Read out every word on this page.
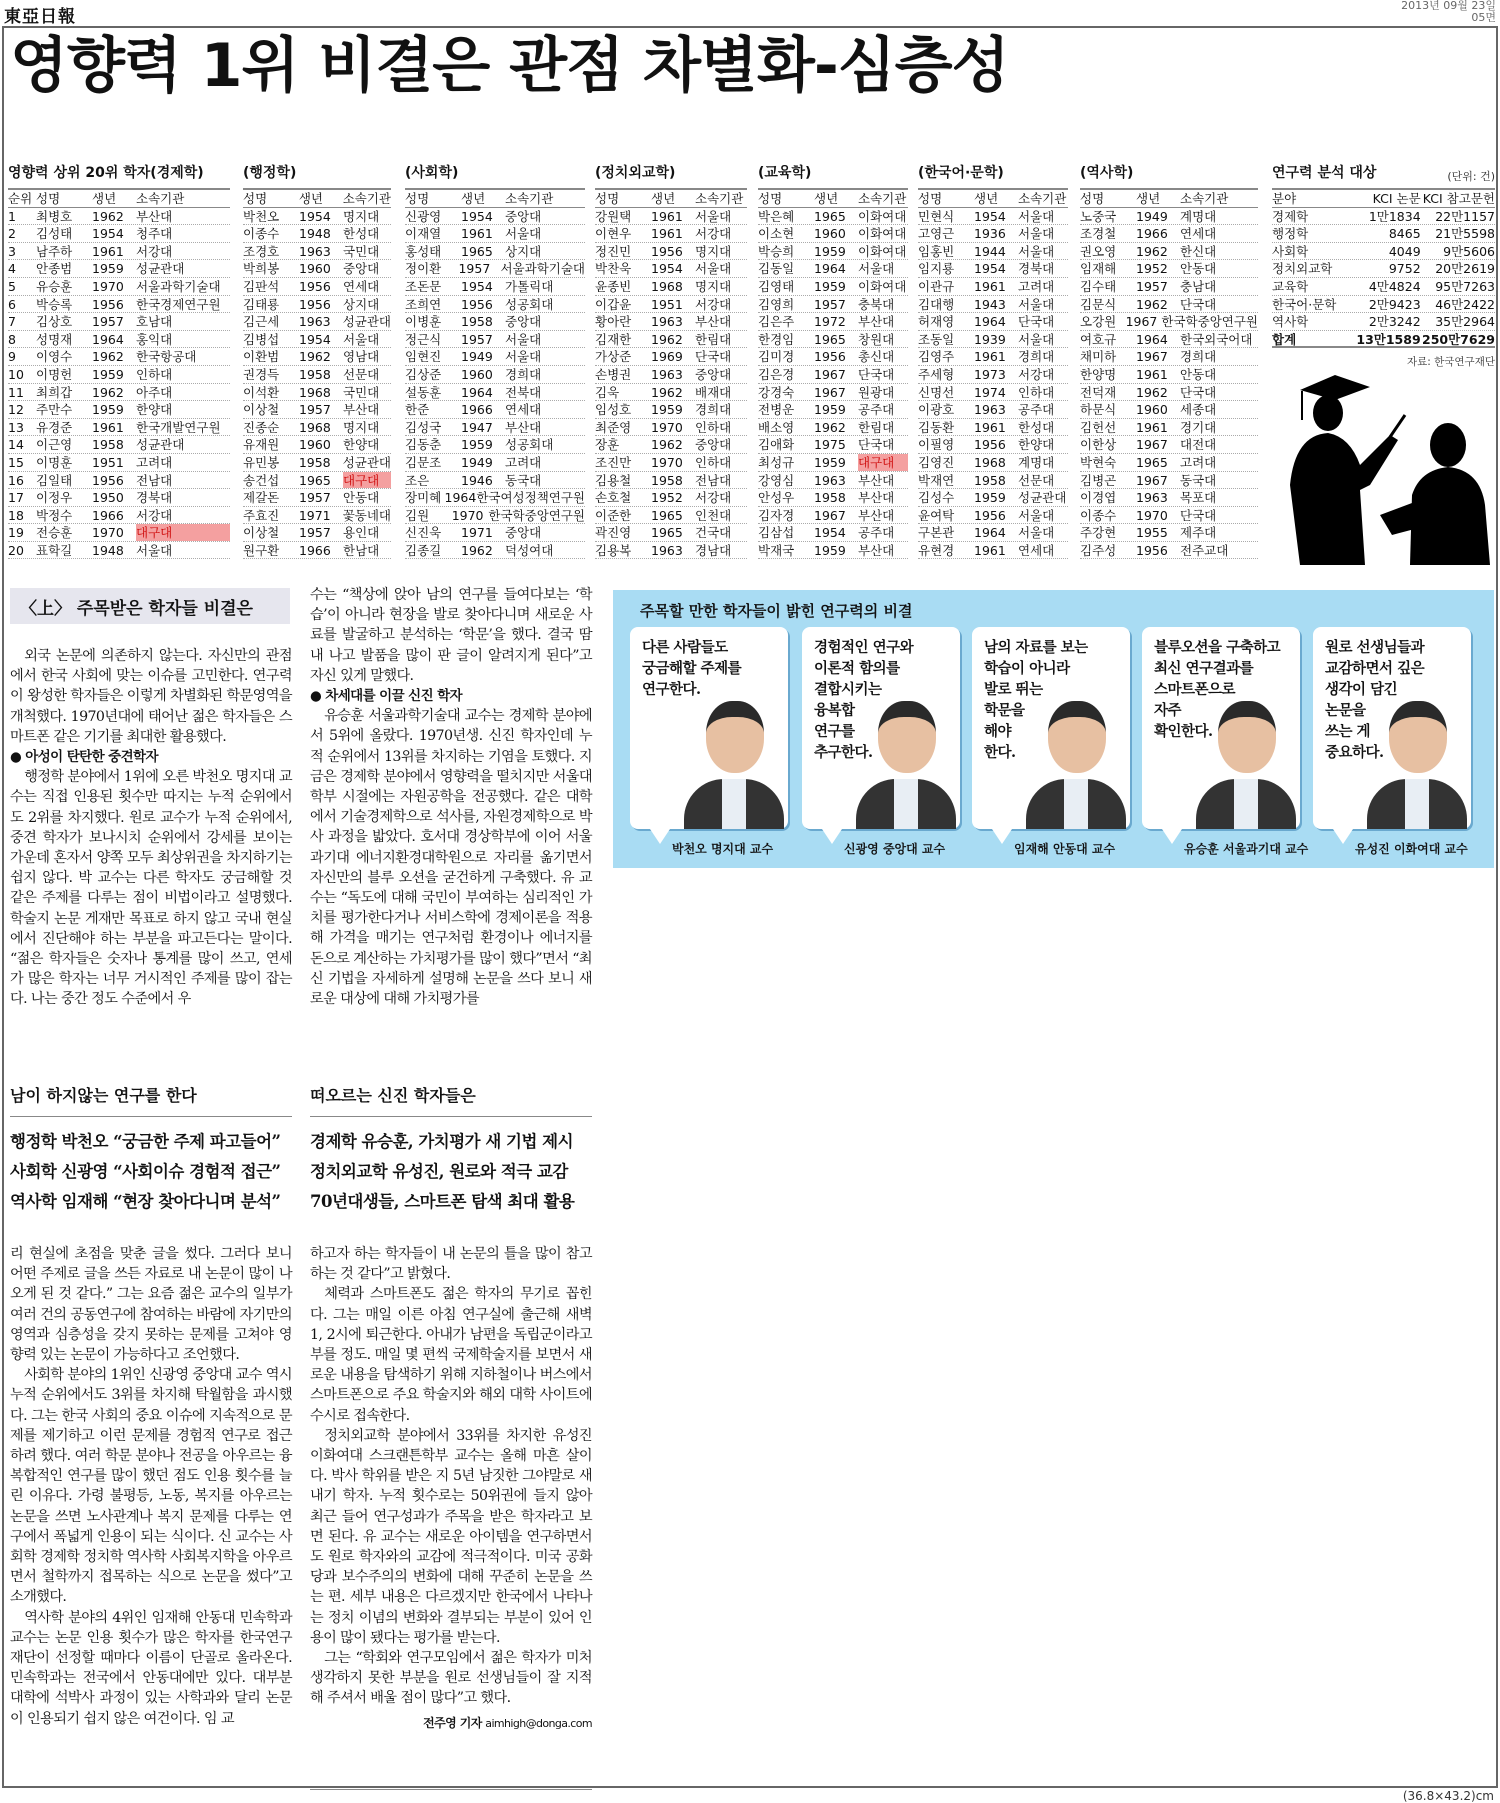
東亞日報
2013년 09월 23일
05면
영향력 1위 비결은 관점 차별화-심층성
영향력 상위 20위 학자(경제학)
순위 성명	생년	소속기관
1	최병호	1962 부산대
2	김성태	1954 청주대
3	남주하	1961 서강대
4	안종범	1959 성균관대
5	유승훈	1970 서울과학기술대
6	박승록	1956 한국경제연구원
7	김상호	1957 호남대
8	성명재	1964 홍익대
9	이영수	1962 한국항공대
10 이명헌	1959 인하대
11 최희갑	1962 아주대
12 주만수	1959 한양대
13 유경준	1961 한국개발연구원
14 이근영	1958 성균관대
15 이명훈	1951 고려대
16 김일태	1956 전남대
17 이정우	1950 경북대
18 박정수	1966 서강대
19 전승훈	1970 대구대
20 표학길	1948 서울대
(행정학)
성명	생년	소속기관
박천오	1954 명지대
이종수	1948 한성대
조경호	1963 국민대
박희봉	1960 중앙대
김판석	1956 연세대
김태룡	1956 상지대
김근세	1963 성균관대
김병섭	1954 서울대
이환범	1962 영남대
권경득	1958 선문대
이석환	1968 국민대
이상철	1957 부산대
진종순	1968 명지대
유재원	1960 한양대
유민봉	1958 성균관대
송건섭	1965 대구대
제갈돈	1957 안동대
주효진	1971 꽃동네대
이상철	1957 용인대
원구환	1966 한남대
(사회학)
성명	생년	소속기관
신광영	1954 중앙대
이재열	1961 서울대
홍성태	1965 상지대
정이환	1957 서울과학기술대
조돈문	1954 가톨릭대
조희연	1956 성공회대
이병훈	1958 중앙대
정근식	1957 서울대
임현진	1949 서울대
김상준	1960 경희대
설동훈	1964 전북대
한준	1966 연세대
김성국	1947 부산대
김동춘	1959 성공회대
김문조	1949 고려대
조은	1946 동국대
장미혜 1964 한국여성정책연구원
김원	1970 한국학중앙연구원
신진욱	1971 중앙대
김종길	1962 덕성여대
(정치외교학)
성명	생년	소속기관
강원택	1961 서울대
이현우	1961 서강대
정진민	1956 명지대
박찬욱	1954 서울대
윤종빈	1968 명지대
이갑윤	1951 서강대
황아란	1963 부산대
김재한	1962 한림대
가상준	1969 단국대
손병권	1963 중앙대
김욱	1962 배재대
임성호	1959 경희대
최준영	1970 인하대
장훈	1962 중앙대
조진만	1970 인하대
김용철	1958 전남대
손호철	1952 서강대
이준한	1965 인천대
곽진영	1965 건국대
김용복	1963 경남대
(교육학)
성명	생년	소속기관
박은혜	1965 이화여대
이소현	1960 이화여대
박승희	1959 이화여대
김동일	1964 서울대
김영태	1959 이화여대
김영희	1957 충북대
김은주	1972 부산대
한경임	1965 창원대
김미경	1956 총신대
김은경	1967 단국대
강경숙	1967 원광대
전병운	1959 공주대
배소영	1962 한림대
김애화	1975 단국대
최성규	1959 대구대
강영심	1963 부산대
안성우	1958 부산대
김자경	1967 부산대
김삼섭	1954 공주대
박재국	1959 부산대
(한국어·문학)
성명	생년	소속기관
민현식	1954 서울대
고영근	1936 서울대
임홍빈	1944 서울대
임지룡	1954 경북대
이관규	1961 고려대
김대행	1943 서울대
허재영	1964 단국대
조동일	1939 서울대
김영주	1961 경희대
주세형	1973 서강대
신명선	1974 인하대
이광호	1963 공주대
김동환	1961 한성대
이필영	1956 한양대
김영진	1968 계명대
박재연	1958 선문대
김성수	1959 성균관대
윤여탁	1956 서울대
구본관	1964 서울대
유현경	1961 연세대
(역사학)
성명	생년	소속기관
노중국	1949 계명대
조경철	1966 연세대
권오영	1962 한신대
임재해	1952 안동대
김수태	1957 충남대
김문식	1962 단국대
오강원 1967 한국학중앙연구원
여호규	1964 한국외국어대
채미하	1967 경희대
한양명	1961 안동대
전덕재	1962 단국대
하문식	1960 세종대
김헌선	1961 경기대
이한상	1967 대전대
박현숙	1965 고려대
김병곤	1967 동국대
이경엽	1963 목포대
이종수	1970 단국대
주강현	1955 제주대
김주성	1956 전주교대
연구력 분석 대상	(단위: 건)
분야	KCI 논문 KCI 참고문헌
경제학	1만1834	22만1157
행정학	8465	21만5598
사회학	4049	9만5606
정치외교학	9752	20만2619
교육학	4만4824	95만7263
한국어·문학	2만9423	46만2422
역사학	2만3242	35만2964
합계	13만1589 250만7629
자료: 한국연구재단
〈上〉 주목받은 학자들 비결은

외국 논문에 의존하지 않는다. 자신만의 관점에서 한국 사회에 맞는 이슈를 고민한다. 연구력이 왕성한 학자들은 이렇게 차별화된 학문영역을 개척했다. 1970년대에 태어난 젊은 학자들은 스마트폰 같은 기기를 최대한 활용했다.

● 아성이 탄탄한 중견학자

행정학 분야에서 1위에 오른 박천오 명지대 교수는 직접 인용된 횟수만 따지는 누적 순위에서도 2위를 차지했다. 원로 교수가 누적 순위에서, 중견 학자가 보나시치 순위에서 강세를 보이는 가운데 혼자서 양쪽 모두 최상위권을 차지하기는 쉽지 않다. 박 교수는 다른 학자도 궁금해할 것 같은 주제를 다루는 점이 비법이라고 설명했다. 학술지 논문 게재만 목표로 하지 않고 국내 현실에서 진단해야 하는 부분을 파고든다는 말이다. “젊은 학자들은 숫자나 통계를 많이 쓰고, 연세가 많은 학자는 너무 거시적인 주제를 많이 잡는다. 나는 중간 정도 수준에서 우

수는 “책상에 앉아 남의 연구를 들여다보는 ‘학습’이 아니라 현장을 발로 찾아다니며 새로운 사료를 발굴하고 분석하는 ‘학문’을 했다. 결국 땀내 나고 발품을 많이 판 글이 알려지게 된다”고 자신 있게 말했다.

● 차세대를 이끌 신진 학자

유승훈 서울과학기술대 교수는 경제학 분야에서 5위에 올랐다. 1970년생. 신진 학자인데 누적 순위에서 13위를 차지하는 기염을 토했다. 지금은 경제학 분야에서 영향력을 떨치지만 서울대 학부 시절에는 자원공학을 전공했다. 같은 대학에서 기술경제학으로 석사를, 자원경제학으로 박사 과정을 밟았다. 호서대 경상학부에 이어 서울과기대 에너지환경대학원으로 자리를 옮기면서 자신만의 블루 오션을 굳건하게 구축했다. 유 교수는 “독도에 대해 국민이 부여하는 심리적인 가치를 평가한다거나 서비스학에 경제이론을 적용해 가격을 매기는 연구처럼 환경이나 에너지를 돈으로 계산하는 가치평가를 많이 했다”면서 “최신 기법을 자세하게 설명해 논문을 쓰다 보니 새로운 대상에 대해 가치평가를

남이 하지않는 연구를 한다
행정학 박천오 “궁금한 주제 파고들어”
사회학 신광영 “사회이슈 경험적 접근”
역사학 임재해 “현장 찾아다니며 분석”
떠오르는 신진 학자들은
경제학 유승훈, 가치평가 새 기법 제시
정치외교학 유성진, 원로와 적극 교감
70년대생들, 스마트폰 탐색 최대 활용

리 현실에 초점을 맞춘 글을 썼다. 그러다 보니 어떤 주제로 글을 쓰든 자료로 내 논문이 많이 나오게 된 것 같다.” 그는 요즘 젊은 교수의 일부가 여러 건의 공동연구에 참여하는 바람에 자기만의 영역과 심층성을 갖지 못하는 문제를 고쳐야 영향력 있는 논문이 가능하다고 조언했다.

사회학 분야의 1위인 신광영 중앙대 교수 역시 누적 순위에서도 3위를 차지해 탁월함을 과시했다. 그는 한국 사회의 중요 이슈에 지속적으로 문제를 제기하고 이런 문제를 경험적 연구로 접근하려 했다. 여러 학문 분야나 전공을 아우르는 융복합적인 연구를 많이 했던 점도 인용 횟수를 늘린 이유다. 가령 불평등, 노동, 복지를 아우르는 논문을 쓰면 노사관계나 복지 문제를 다루는 연구에서 폭넓게 인용이 되는 식이다. 신 교수는 사회학 경제학 정치학 역사학 사회복지학을 아우르면서 철학까지 접목하는 식으로 논문을 썼다”고 소개했다.

역사학 분야의 4위인 임재해 안동대 민속학과 교수는 논문 인용 횟수가 많은 학자를 한국연구재단이 선정할 때마다 이름이 단골로 올라온다. 민속학과는 전국에서 안동대에만 있다. 대부분 대학에 석박사 과정이 있는 사학과와 달리 논문이 인용되기 쉽지 않은 여건이다. 임 교

하고자 하는 학자들이 내 논문의 틀을 많이 참고하는 것 같다”고 밝혔다.

체력과 스마트폰도 젊은 학자의 무기로 꼽힌다. 그는 매일 이른 아침 연구실에 출근해 새벽 1, 2시에 퇴근한다. 아내가 남편을 독립군이라고 부를 정도. 매일 몇 편씩 국제학술지를 보면서 새로운 내용을 탐색하기 위해 지하철이나 버스에서 스마트폰으로 주요 학술지와 해외 대학 사이트에 수시로 접속한다.

정치외교학 분야에서 33위를 차지한 유성진 이화여대 스크랜튼학부 교수는 올해 마흔 살이다. 박사 학위를 받은 지 5년 남짓한 그야말로 새내기 학자. 누적 횟수로는 50위권에 들지 않아 최근 들어 연구성과가 주목을 받은 학자라고 보면 된다. 유 교수는 새로운 아이템을 연구하면서도 원로 학자와의 교감에 적극적이다. 미국 공화당과 보수주의의 변화에 대해 꾸준히 논문을 쓰는 편. 세부 내용은 다르겠지만 한국에서 나타나는 정치 이념의 변화와 결부되는 부분이 있어 인용이 많이 됐다는 평가를 받는다.

그는 “학회와 연구모임에서 젊은 학자가 미처 생각하지 못한 부분을 원로 선생님들이 잘 지적해 주셔서 배울 점이 많다”고 했다.

전주영 기자 aimhigh@donga.com

주목할 만한 학자들이 밝힌 연구력의 비결
다른 사람들도
궁금해할 주제를
연구한다.
박천오 명지대 교수
경험적인 연구와
이론적 함의를
결합시키는
융복합
연구를
추구한다.
신광영 중앙대 교수
남의 자료를 보는
학습이 아니라
발로 뛰는
학문을
해야
한다.
임재해 안동대 교수
블루오션을 구축하고
최신 연구결과를
스마트폰으로
자주
확인한다.
유승훈 서울과기대 교수
원로 선생님들과
교감하면서 깊은
생각이 담긴
논문을
쓰는 게
중요하다.
유성진 이화여대 교수
(36.8×43.2)cm
